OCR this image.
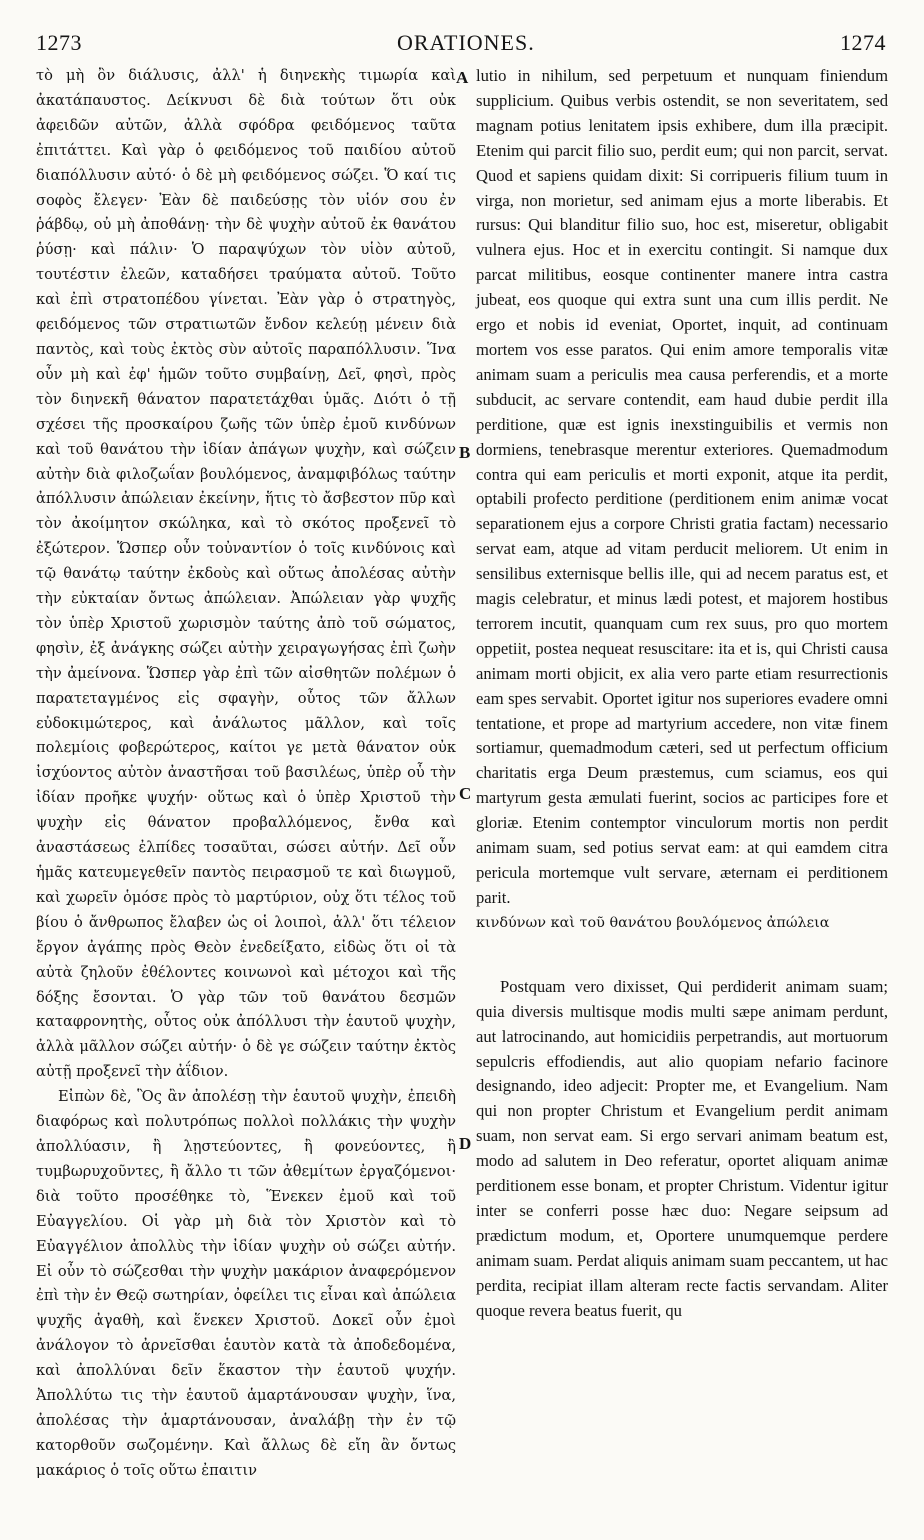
1273	ORATIONES.	1274
A
B
C
D

τὸ μὴ ὂν διάλυσις, ἀλλ' ἡ διηνεκὴς τιμωρία καὶ ἀκατάπαυστος. Δείκνυσι δὲ διὰ τούτων ὅτι οὐκ ἀφειδῶν αὐτῶν, ἀλλὰ σφόδρα φειδόμενος ταῦτα ἐπιτάττει. Καὶ γὰρ ὁ φειδόμενος τοῦ παιδίου αὐτοῦ διαπόλλυσιν αὐτό· ὁ δὲ μὴ φειδόμενος σώζει. Ὅ καί τις σοφὸς ἔλεγεν· Ἐὰν δὲ παιδεύσῃς τὸν υἱόν σου ἐν ῥάβδῳ, οὐ μὴ ἀποθάνῃ· τὴν δὲ ψυχὴν αὐτοῦ ἐκ θανάτου ῥύσῃ· καὶ πάλιν· Ὁ παραψύχων τὸν υἱὸν αὐτοῦ, τουτέστιν ἐλεῶν, καταδήσει τραύματα αὐτοῦ. Τοῦτο καὶ ἐπὶ στρατοπέδου γίνεται. Ἐὰν γὰρ ὁ στρατηγὸς, φειδόμενος τῶν στρατιωτῶν ἔνδον κελεύῃ μένειν διὰ παντὸς, καὶ τοὺς ἐκτὸς σὺν αὐτοῖς παραπόλλυσιν. Ἵνα οὖν μὴ καὶ ἐφ' ἡμῶν τοῦτο συμβαίνῃ, Δεῖ, φησὶ, πρὸς τὸν διηνεκῆ θάνατον παρατετάχθαι ὑμᾶς. Διότι ὁ τῇ σχέσει τῆς προσκαίρου ζωῆς τῶν ὑπὲρ ἐμοῦ κινδύνων καὶ τοῦ θανάτου τὴν ἰδίαν ἀπάγων ψυχὴν, καὶ σώζειν αὐτὴν διὰ φιλοζωΐαν βουλόμενος, ἀναμφιβόλως ταύτην ἀπόλλυσιν ἀπώλειαν ἐκείνην, ἥτις τὸ ἄσβεστον πῦρ καὶ τὸν ἀκοίμητον σκώληκα, καὶ τὸ σκότος προξενεῖ τὸ ἐξώτερον. Ὥσπερ οὖν τοὐναντίον ὁ τοῖς κινδύνοις καὶ τῷ θανάτῳ ταύτην ἐκδοὺς καὶ οὕτως ἀπολέσας αὐτὴν τὴν εὐκταίαν ὄντως ἀπώλειαν. Ἀπώλειαν γὰρ ψυχῆς τὸν ὑπὲρ Χριστοῦ χωρισμὸν ταύτης ἀπὸ τοῦ σώματος, φησὶν, ἐξ ἀνάγκης σώζει αὐτὴν χειραγωγήσας ἐπὶ ζωὴν τὴν ἀμείνονα. Ὥσπερ γὰρ ἐπὶ τῶν αἰσθητῶν πολέμων ὁ παρατεταγμένος εἰς σφαγὴν, οὗτος τῶν ἄλλων εὐδοκιμώτερος, καὶ ἀνάλωτος μᾶλλον, καὶ τοῖς πολεμίοις φοβερώτερος, καίτοι γε μετὰ θάνατον οὐκ ἰσχύοντος αὐτὸν ἀναστῆσαι τοῦ βασιλέως, ὑπὲρ οὗ τὴν ἰδίαν προῆκε ψυχήν· οὕτως καὶ ὁ ὑπὲρ Χριστοῦ τὴν ψυχὴν εἰς θάνατον προβαλλόμενος, ἔνθα καὶ ἀναστάσεως ἐλπίδες τοσαῦται, σώσει αὐτήν. Δεῖ οὖν ἡμᾶς κατευμεγεθεῖν παντὸς πειρασμοῦ τε καὶ διωγμοῦ, καὶ χωρεῖν ὁμόσε πρὸς τὸ μαρτύριον, οὐχ ὅτι τέλος τοῦ βίου ὁ ἄνθρωπος ἔλαβεν ὡς οἱ λοιποὶ, ἀλλ' ὅτι τέλειον ἔργον ἀγάπης πρὸς Θεὸν ἐνεδείξατο, εἰδὼς ὅτι οἱ τὰ αὐτὰ ζηλοῦν ἐθέλοντες κοινωνοὶ καὶ μέτοχοι καὶ τῆς δόξης ἔσονται. Ὁ γὰρ τῶν τοῦ θανάτου δεσμῶν καταφρονητὴς, οὗτος οὐκ ἀπόλλυσι τὴν ἑαυτοῦ ψυχὴν, ἀλλὰ μᾶλλον σώζει αὐτήν· ὁ δὲ γε σώζειν ταύτην ἐκτὸς αὐτῇ προξενεῖ τὴν ἀΐδιον.

Εἰπὼν δὲ, Ὃς ἂν ἀπολέσῃ τὴν ἑαυτοῦ ψυχὴν, ἐπειδὴ διαφόρως καὶ πολυτρόπως πολλοὶ πολλάκις τὴν ψυχὴν ἀπολλύασιν, ἢ λῃστεύοντες, ἢ φονεύοντες, ἢ τυμβωρυχοῦντες, ἢ ἄλλο τι τῶν ἀθεμίτων ἐργαζόμενοι· διὰ τοῦτο προσέθηκε τὸ, Ἕνεκεν ἐμοῦ καὶ τοῦ Εὐαγγελίου. Οἱ γὰρ μὴ διὰ τὸν Χριστὸν καὶ τὸ Εὐαγγέλιον ἀπολλὺς τὴν ἰδίαν ψυχὴν οὐ σώζει αὐτήν. Εἰ οὖν τὸ σώζεσθαι τὴν ψυχὴν μακάριον ἀναφερόμενον ἐπὶ τὴν ἐν Θεῷ σωτηρίαν, ὀφείλει τις εἶναι καὶ ἀπώλεια ψυχῆς ἀγαθὴ, καὶ ἕνεκεν Χριστοῦ. Δοκεῖ οὖν ἐμοὶ ἀνάλογον τὸ ἀρνεῖσθαι ἑαυτὸν κατὰ τὰ ἀποδεδομένα, καὶ ἀπολλύναι δεῖν ἕκαστον τὴν ἑαυτοῦ ψυχήν. Ἀπολλύτω τις τὴν ἑαυτοῦ ἁμαρτάνουσαν ψυχὴν, ἵνα, ἀπολέσας τὴν ἁμαρτάνουσαν, ἀναλάβῃ τὴν ἐν τῷ κατορθοῦν σωζομένην. Καὶ ἄλλως δὲ εἴη ἂν ὄντως μακάριος ὁ τοῖς οὕτω ἐπαιτιν

lutio in nihilum, sed perpetuum et nunquam finiendum supplicium. Quibus verbis ostendit, se non severitatem, sed magnam potius lenitatem ipsis exhibere, dum illa præcipit. Etenim qui parcit filio suo, perdit eum; qui non parcit, servat. Quod et sapiens quidam dixit: Si corripueris filium tuum in virga, non morietur, sed animam ejus a morte liberabis. Et rursus: Qui blanditur filio suo, hoc est, miseretur, obligabit vulnera ejus. Hoc et in exercitu contingit. Si namque dux parcat militibus, eosque continenter manere intra castra jubeat, eos quoque qui extra sunt una cum illis perdit. Ne ergo et nobis id eveniat, Oportet, inquit, ad continuam mortem vos esse paratos. Qui enim amore temporalis vitæ animam suam a periculis mea causa perferendis, et a morte subducit, ac servare contendit, eam haud dubie perdit illa perditione, quæ est ignis inexstinguibilis et vermis non dormiens, tenebrasque merentur exteriores. Quemadmodum contra qui eam periculis et morti exponit, atque ita perdit, optabili profecto perditione (perditionem enim animæ vocat separationem ejus a corpore Christi gratia factam) necessario servat eam, atque ad vitam perducit meliorem. Ut enim in sensilibus externisque bellis ille, qui ad necem paratus est, et magis celebratur, et minus lædi potest, et majorem hostibus terrorem incutit, quanquam cum rex suus, pro quo mortem oppetiit, postea nequeat resuscitare: ita et is, qui Christi causa animam morti objicit, ex alia vero parte etiam resurrectionis eam spes servabit. Oportet igitur nos superiores evadere omni tentatione, et prope ad martyrium accedere, non vitæ finem sortiamur, quemadmodum cæteri, sed ut perfectum officium charitatis erga Deum præstemus, cum sciamus, eos qui martyrum gesta æmulati fuerint, socios ac participes fore et gloriæ. Etenim contemptor vinculorum mortis non perdit animam suam, sed potius servat eam: at qui eamdem citra pericula mortemque vult servare, æternam ei perditionem parit.

κινδύνων καὶ τοῦ θανάτου βουλόμενος ἀπώλεια

Postquam vero dixisset, Qui perdiderit animam suam; quia diversis multisque modis multi sæpe animam perdunt, aut latrocinando, aut homicidiis perpetrandis, aut mortuorum sepulcris effodiendis, aut alio quopiam nefario facinore designando, ideo adjecit: Propter me, et Evangelium. Nam qui non propter Christum et Evangelium perdit animam suam, non servat eam. Si ergo servari animam beatum est, modo ad salutem in Deo referatur, oportet aliquam animæ perditionem esse bonam, et propter Christum. Videntur igitur inter se conferri posse hæc duo: Negare seipsum ad prædictum modum, et, Oportere unumquemque perdere animam suam. Perdat aliquis animam suam peccantem, ut hac perdita, recipiat illam alteram recte factis servandam. Aliter quoque revera beatus fuerit, qu
